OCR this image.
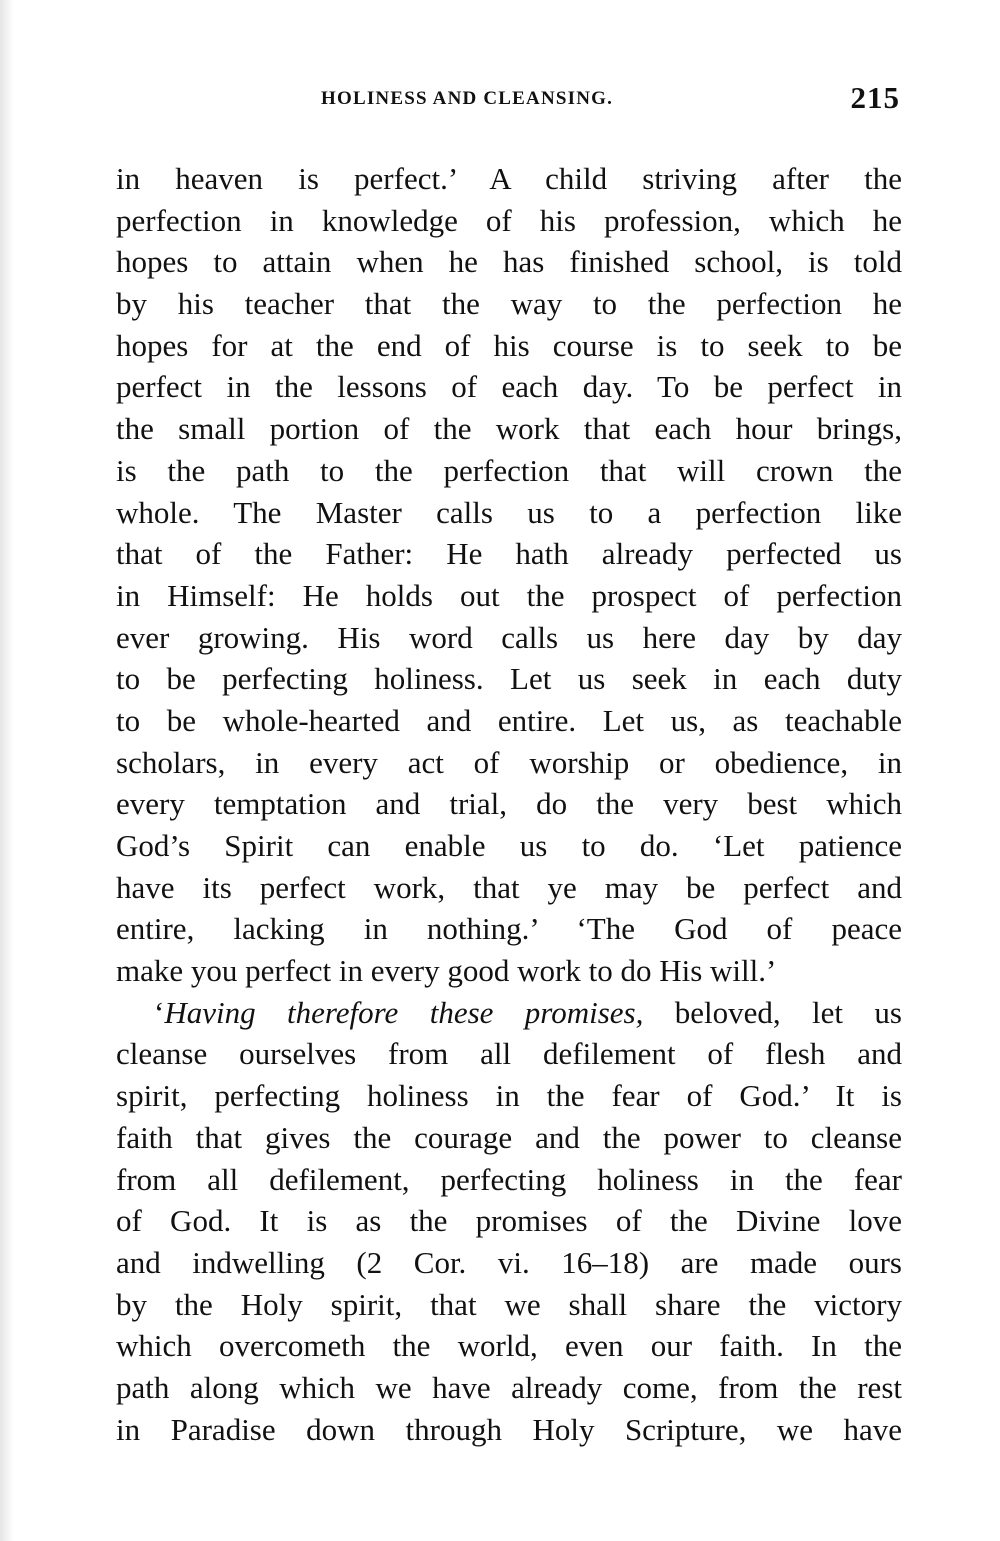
HOLINESS AND CLEANSING.	215
in heaven is perfect.’ A child striving after the
perfection in knowledge of his profession, which he
hopes to attain when he has finished school, is told
by his teacher that the way to the perfection he
hopes for at the end of his course is to seek to be
perfect in the lessons of each day. To be perfect in
the small portion of the work that each hour brings,
is the path to the perfection that will crown the
whole. The Master calls us to a perfection like
that of the Father: He hath already perfected us
in Himself: He holds out the prospect of perfection
ever growing. His word calls us here day by day
to be perfecting holiness. Let us seek in each duty
to be whole-hearted and entire. Let us, as teachable
scholars, in every act of worship or obedience, in
every temptation and trial, do the very best which
God’s Spirit can enable us to do. ‘Let patience
have its perfect work, that ye may be perfect and
entire, lacking in nothing.’ ‘The God of peace
make you perfect in every good work to do His will.’
‘Having therefore these promises, beloved, let us
cleanse ourselves from all defilement of flesh and
spirit, perfecting holiness in the fear of God.’ It is
faith that gives the courage and the power to cleanse
from all defilement, perfecting holiness in the fear
of God. It is as the promises of the Divine love
and indwelling (2 Cor. vi. 16–18) are made ours
by the Holy spirit, that we shall share the victory
which overcometh the world, even our faith. In the
path along which we have already come, from the rest
in Paradise down through Holy Scripture, we have
